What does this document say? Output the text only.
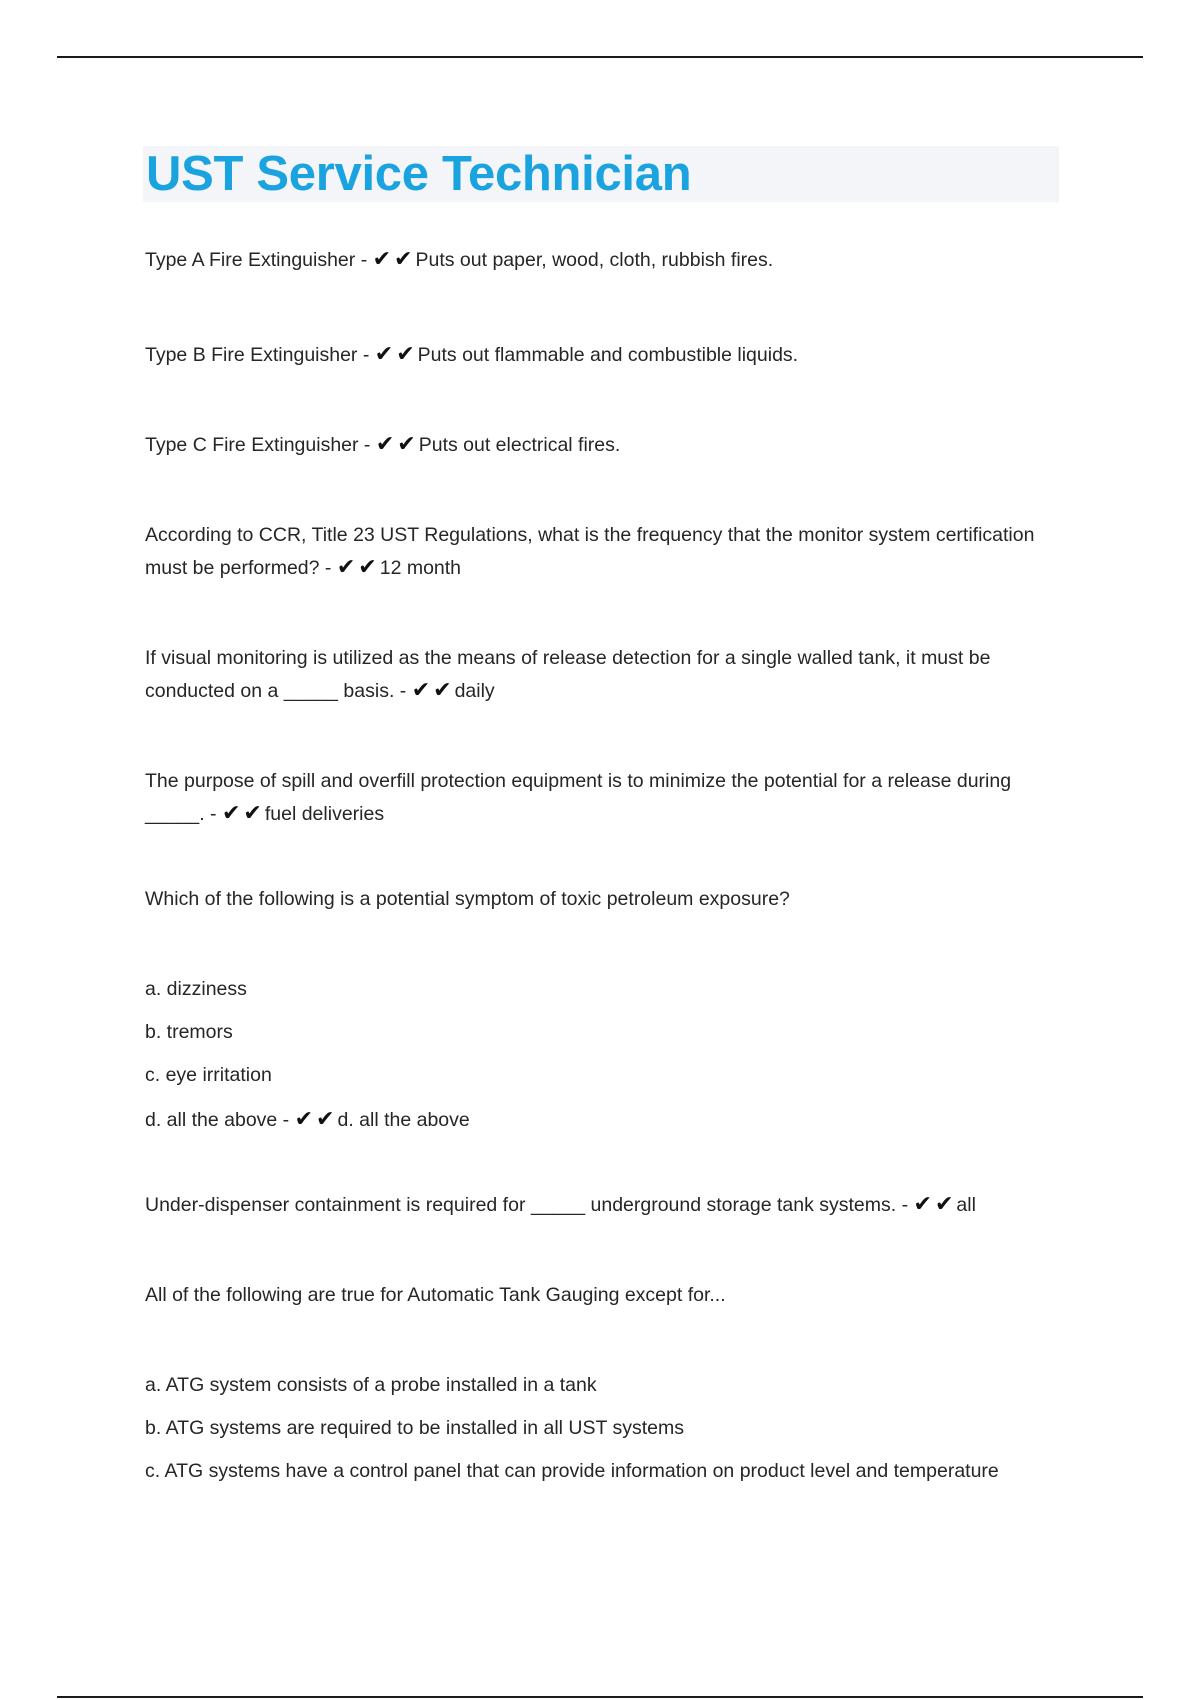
UST Service Technician

Type A Fire Extinguisher - ✔ ✔ Puts out paper, wood, cloth, rubbish fires.

Type B Fire Extinguisher - ✔ ✔ Puts out flammable and combustible liquids.

Type C Fire Extinguisher - ✔ ✔ Puts out electrical fires.

According to CCR, Title 23 UST Regulations, what is the frequency that the monitor system certification must be performed? - ✔ ✔ 12 month

If visual monitoring is utilized as the means of release detection for a single walled tank, it must be conducted on a _____ basis. - ✔ ✔ daily

The purpose of spill and overfill protection equipment is to minimize the potential for a release during _____. - ✔ ✔ fuel deliveries

Which of the following is a potential symptom of toxic petroleum exposure?

a. dizziness

b. tremors

c. eye irritation

d. all the above - ✔ ✔ d. all the above

Under-dispenser containment is required for _____ underground storage tank systems. - ✔ ✔ all

All of the following are true for Automatic Tank Gauging except for...

a. ATG system consists of a probe installed in a tank

b. ATG systems are required to be installed in all UST systems

c. ATG systems have a control panel that can provide information on product level and temperature
